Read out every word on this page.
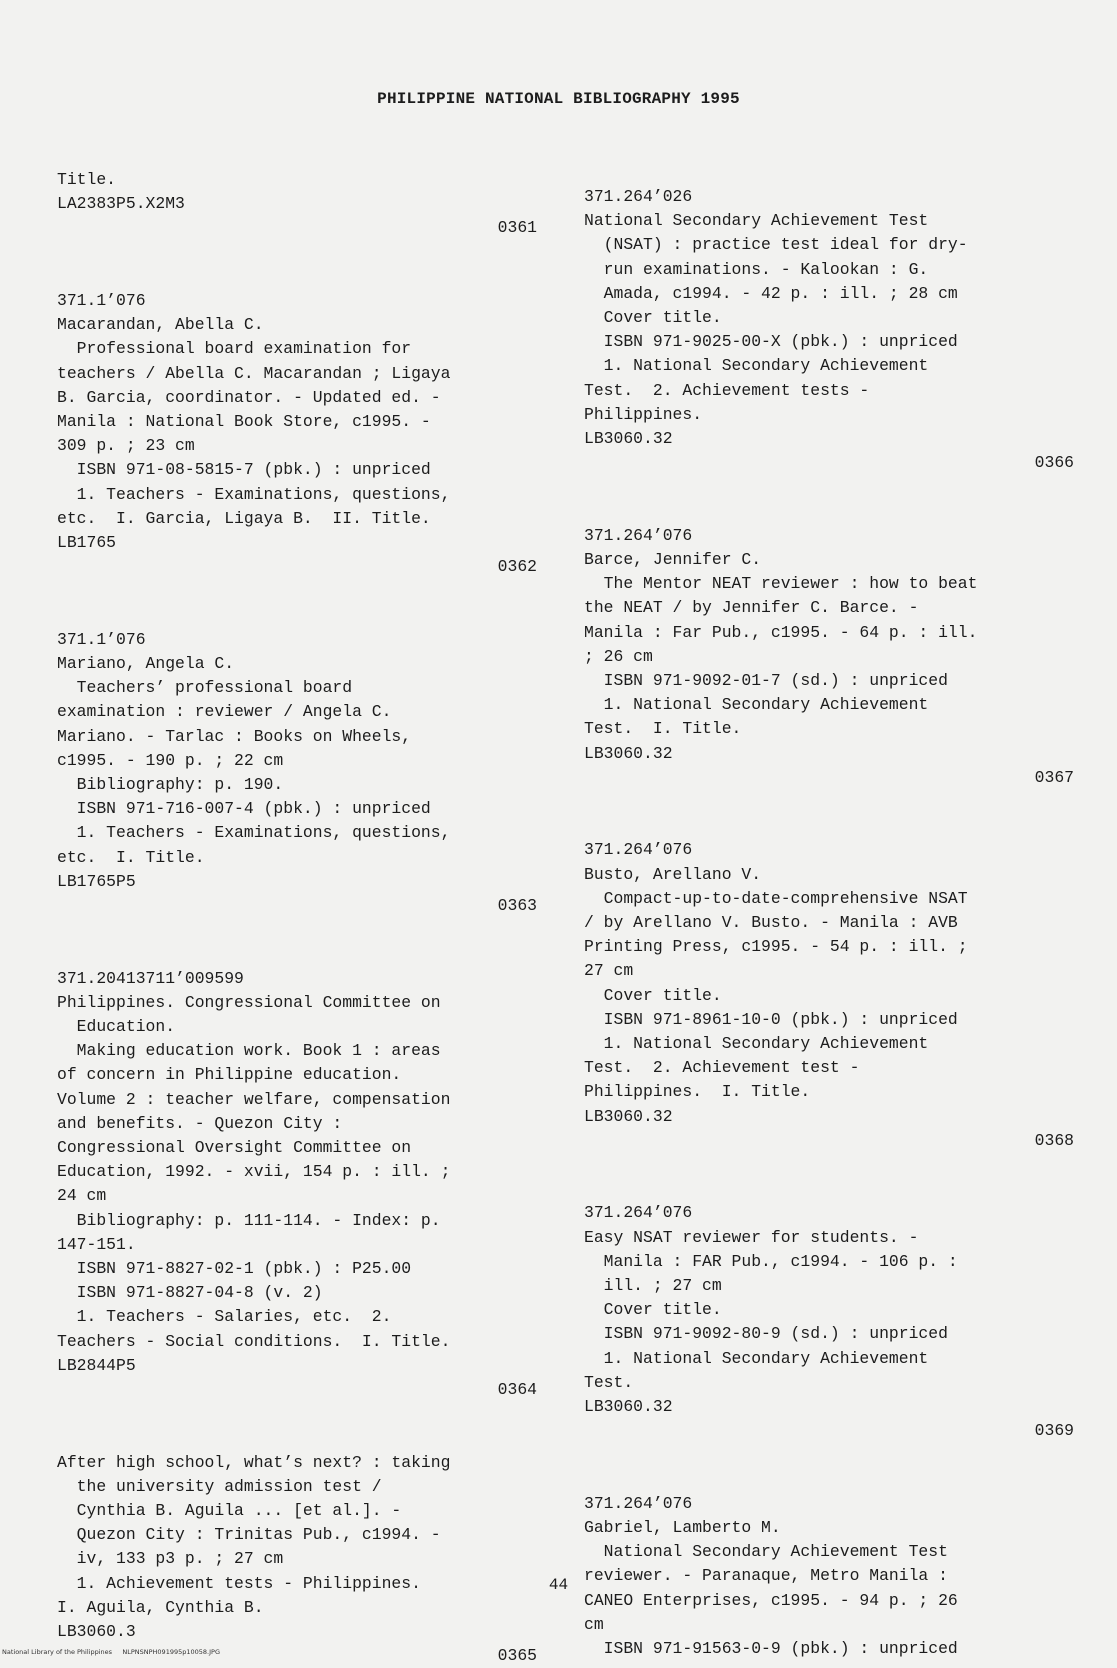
PHILIPPINE NATIONAL BIBLIOGRAPHY 1995
Title.
LA2383P5.X2M3
0361
371.1’076
Macarandan, Abella C.
Professional board examination for
teachers / Abella C. Macarandan ; Ligaya
B. Garcia, coordinator. - Updated ed. -
Manila : National Book Store, c1995. -
309 p. ; 23 cm
ISBN 971-08-5815-7 (pbk.) : unpriced
1. Teachers - Examinations, questions,
etc.  I. Garcia, Ligaya B.  II. Title.
LB1765
0362
371.1’076
Mariano, Angela C.
Teachers’ professional board
examination : reviewer / Angela C.
Mariano. - Tarlac : Books on Wheels,
c1995. - 190 p. ; 22 cm
Bibliography: p. 190.
ISBN 971-716-007-4 (pbk.) : unpriced
1. Teachers - Examinations, questions,
etc.  I. Title.
LB1765P5
0363
371.20413711’009599
Philippines. Congressional Committee on
Education.
Making education work. Book 1 : areas
of concern in Philippine education.
Volume 2 : teacher welfare, compensation
and benefits. - Quezon City :
Congressional Oversight Committee on
Education, 1992. - xvii, 154 p. : ill. ;
24 cm
Bibliography: p. 111-114. - Index: p.
147-151.
ISBN 971-8827-02-1 (pbk.) : P25.00
ISBN 971-8827-04-8 (v. 2)
1. Teachers - Salaries, etc.  2.
Teachers - Social conditions.  I. Title.
LB2844P5
0364
After high school, what’s next? : taking
the university admission test /
Cynthia B. Aguila ... [et al.]. -
Quezon City : Trinitas Pub., c1994. -
iv, 133 p3 p. ; 27 cm
1. Achievement tests - Philippines.
I. Aguila, Cynthia B.
LB3060.3
0365
371.264’026
National Secondary Achievement Test
(NSAT) : practice test ideal for dry-
run examinations. - Kalookan : G.
Amada, c1994. - 42 p. : ill. ; 28 cm
Cover title.
ISBN 971-9025-00-X (pbk.) : unpriced
1. National Secondary Achievement
Test.  2. Achievement tests -
Philippines.
LB3060.32
0366
371.264’076
Barce, Jennifer C.
The Mentor NEAT reviewer : how to beat
the NEAT / by Jennifer C. Barce. -
Manila : Far Pub., c1995. - 64 p. : ill.
; 26 cm
ISBN 971-9092-01-7 (sd.) : unpriced
1. National Secondary Achievement
Test.  I. Title.
LB3060.32
0367
371.264’076
Busto, Arellano V.
Compact-up-to-date-comprehensive NSAT
/ by Arellano V. Busto. - Manila : AVB
Printing Press, c1995. - 54 p. : ill. ;
27 cm
Cover title.
ISBN 971-8961-10-0 (pbk.) : unpriced
1. National Secondary Achievement
Test.  2. Achievement test -
Philippines.  I. Title.
LB3060.32
0368
371.264’076
Easy NSAT reviewer for students. -
Manila : FAR Pub., c1994. - 106 p. :
ill. ; 27 cm
Cover title.
ISBN 971-9092-80-9 (sd.) : unpriced
1. National Secondary Achievement
Test.
LB3060.32
0369
371.264’076
Gabriel, Lamberto M.
National Secondary Achievement Test
reviewer. - Paranaque, Metro Manila :
CANEO Enterprises, c1995. - 94 p. ; 26
cm
ISBN 971-91563-0-9 (pbk.) : unpriced
44
National Library of the Philippines     NLPNSNPH091995p10058.JPG
